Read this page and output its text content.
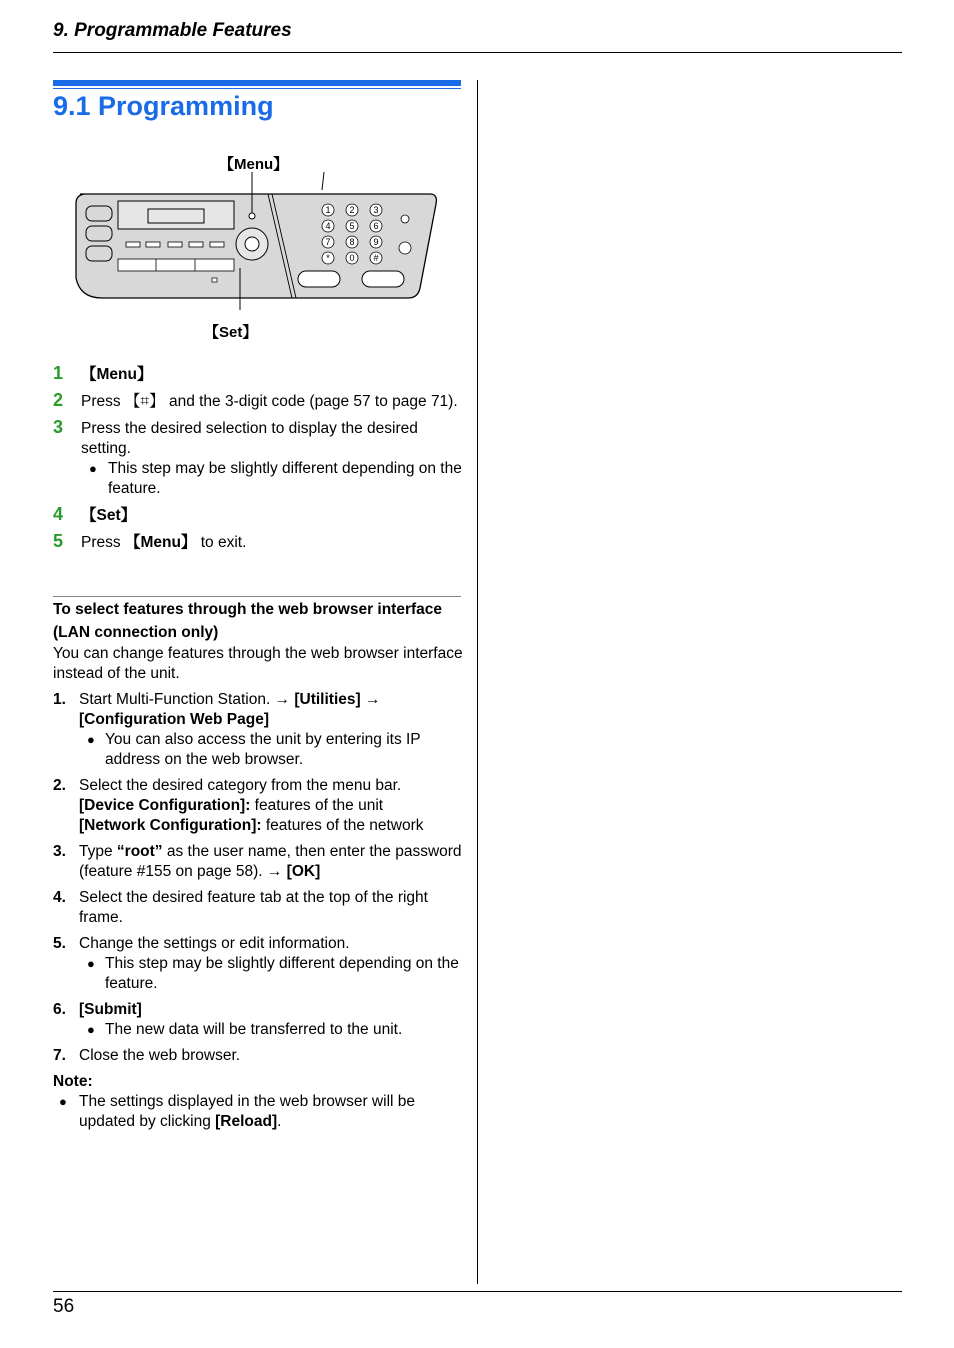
9. Programmable Features
9.1 Programming
【Menu】
【Set】
1 2 3
4 5 6
7 8 9
* 0 #
1 【Menu】
2 Press 【⌗】 and the 3-digit code (page 57 to page 71).
3 Press the desired selection to display the desired setting.
● This step may be slightly different depending on the feature.
4 【Set】
5 Press 【Menu】 to exit.
To select features through the web browser interface (LAN connection only)

You can change features through the web browser interface instead of the unit.

1. Start Multi-Function Station. → [Utilities] → [Configuration Web Page]
● You can also access the unit by entering its IP address on the web browser.
2. Select the desired category from the menu bar.
[Device Configuration]: features of the unit
[Network Configuration]: features of the network
3. Type “root” as the user name, then enter the password (feature #155 on page 58). → [OK]
4. Select the desired feature tab at the top of the right frame.
5. Change the settings or edit information.
● This step may be slightly different depending on the feature.
6. [Submit]
● The new data will be transferred to the unit.
7. Close the web browser.
Note:
● The settings displayed in the web browser will be updated by clicking [Reload].
56
